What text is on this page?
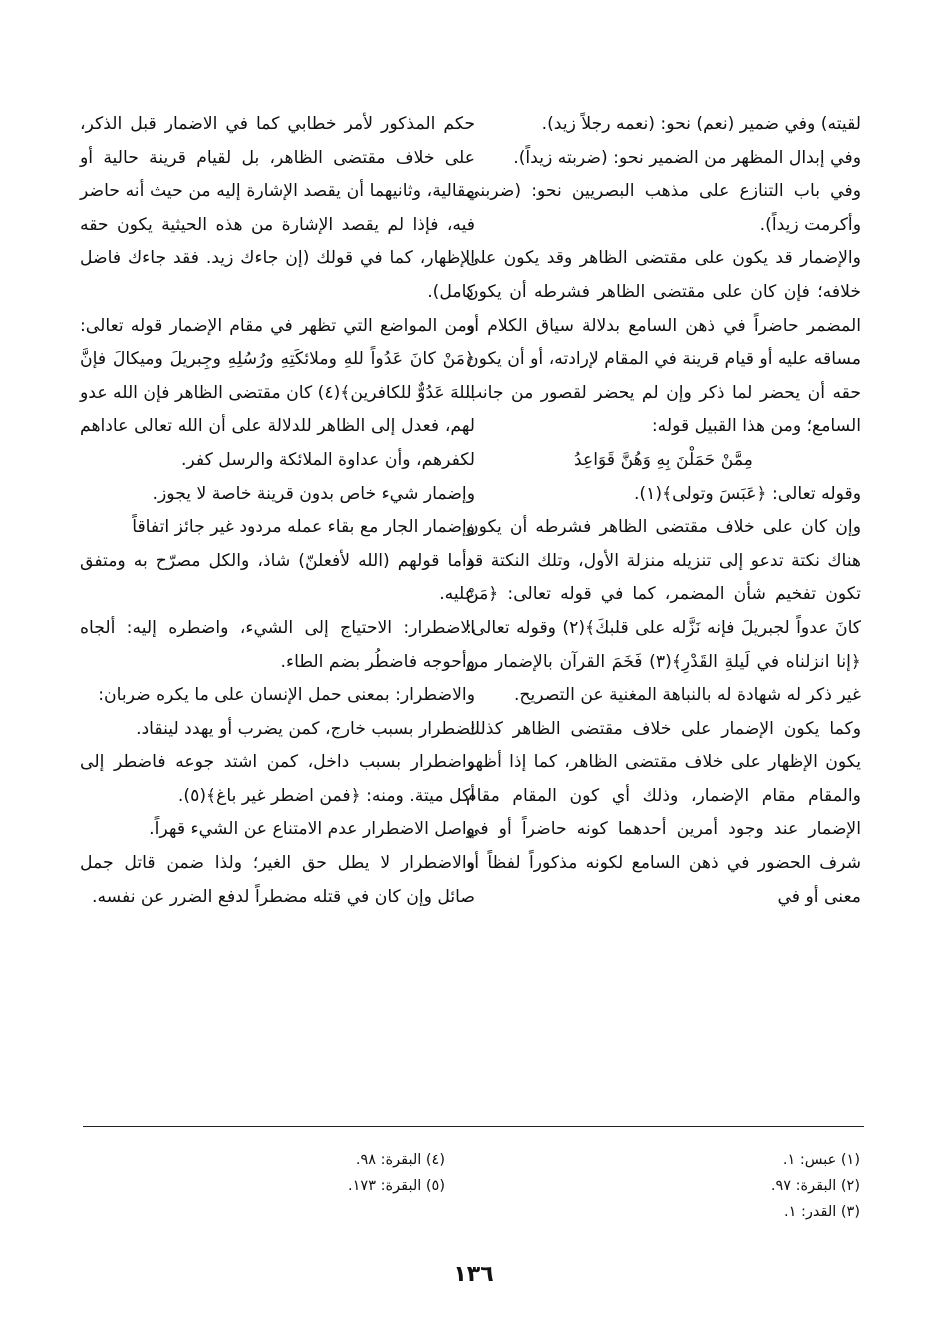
لقيته) وفي ضمير (نعم) نحو: (نعمه رجلاً زيد).

وفي إبدال المظهر من الضمير نحو: (ضربته زيداً).

وفي باب التنازع على مذهب البصريين نحو: (ضربني وأكرمت زيداً).

والإضمار قد يكون على مقتضى الظاهر وقد يكون على خلافه؛ فإن كان على مقتضى الظاهر فشرطه أن يكون المضمر حاضراً في ذهن السامع بدلالة سياق الكلام أو مساقه عليه أو قيام قرينة في المقام لإرادته، أو أن يكون حقه أن يحضر لما ذكر وإن لم يحضر لقصور من جانب السامع؛ ومن هذا القبيل قوله:

مِمَّنْ حَمَلْنَ بِهِ وَهُنَّ قَوَاعِدُ

وقوله تعالى: ﴿عَبَسَ وتولى﴾(١).

وإن كان على خلاف مقتضى الظاهر فشرطه أن يكون هناك نكتة تدعو إلى تنزيله منزلة الأول، وتلك النكتة قد تكون تفخيم شأن المضمر، كما في قوله تعالى: ﴿مَنْ كانَ عدواً لجبريلَ فإنه نَزَّله على قلبكَ﴾(٢) وقوله تعالى: ﴿إنا انزلناه في لَيلةِ القَدْرِ﴾(٣) فَخَمَ القرآن بالإضمار من غير ذكر له شهادة له بالنباهة المغنية عن التصريح.

وكما يكون الإضمار على خلاف مقتضى الظاهر كذلك يكون الإظهار على خلاف مقتضى الظاهر، كما إذا أظهر والمقام مقام الإضمار، وذلك أي كون المقام مقام الإضمار عند وجود أمرين أحدهما كونه حاضراً أو في شرف الحضور في ذهن السامع لكونه مذكوراً لفظاً أو معنى أو في

حكم المذكور لأمر خطابي كما في الاضمار قبل الذكر، على خلاف مقتضى الظاهر، بل لقيام قرينة حالية أو مقالية، وثانيهما أن يقصد الإشارة إليه من حيث أنه حاضر فيه، فإذا لم يقصد الإشارة من هذه الحيثية يكون حقه الإظهار، كما في قولك (إن جاءك زيد. فقد جاءك فاضل كامل).

ومن المواضع التي تظهر في مقام الإضمار قوله تعالى: ﴿مَنْ كانَ عَدُواً للهِ وملائكَتِهِ ورُسُلِهِ وجِبريلَ وميكالَ فإنَّ اللهَ عَدُوٌّ للكافرين﴾(٤) كان مقتضى الظاهر فإن الله عدو لهم، فعدل إلى الظاهر للدلالة على أن الله تعالى عاداهم لكفرهم، وأن عداوة الملائكة والرسل كفر.

وإضمار شيء خاص بدون قرينة خاصة لا يجوز.

وإضمار الجار مع بقاء عمله مردود غير جائز اتفاقاً

وأما قولهم (الله لأفعلنّ) شاذ، والكل مصرّح به ومتفق عليه.

الاضطرار: الاحتياج إلى الشيء، واضطره إليه: ألجاه وأحوجه فاضطُر بضم الطاء.

والاضطرار: بمعنى حمل الإنسان على ما يكره ضربان:

اضطرار بسبب خارج، كمن يضرب أو يهدد لينقاد.

واضطرار بسبب داخل، كمن اشتد جوعه فاضطر إلى أكل ميتة. ومنه: ﴿فمن اضطر غير باغ﴾(٥).

واصل الاضطرار عدم الامتناع عن الشيء قهراً.

والاضطرار لا يطل حق الغير؛ ولذا ضمن قاتل جمل صائل وإن كان في قتله مضطراً لدفع الضرر عن نفسه.

(١) عبس: ١.

(٢) البقرة: ٩٧.

(٣) القدر: ١.

(٤) البقرة: ٩٨.

(٥) البقرة: ١٧٣.

١٣٦
